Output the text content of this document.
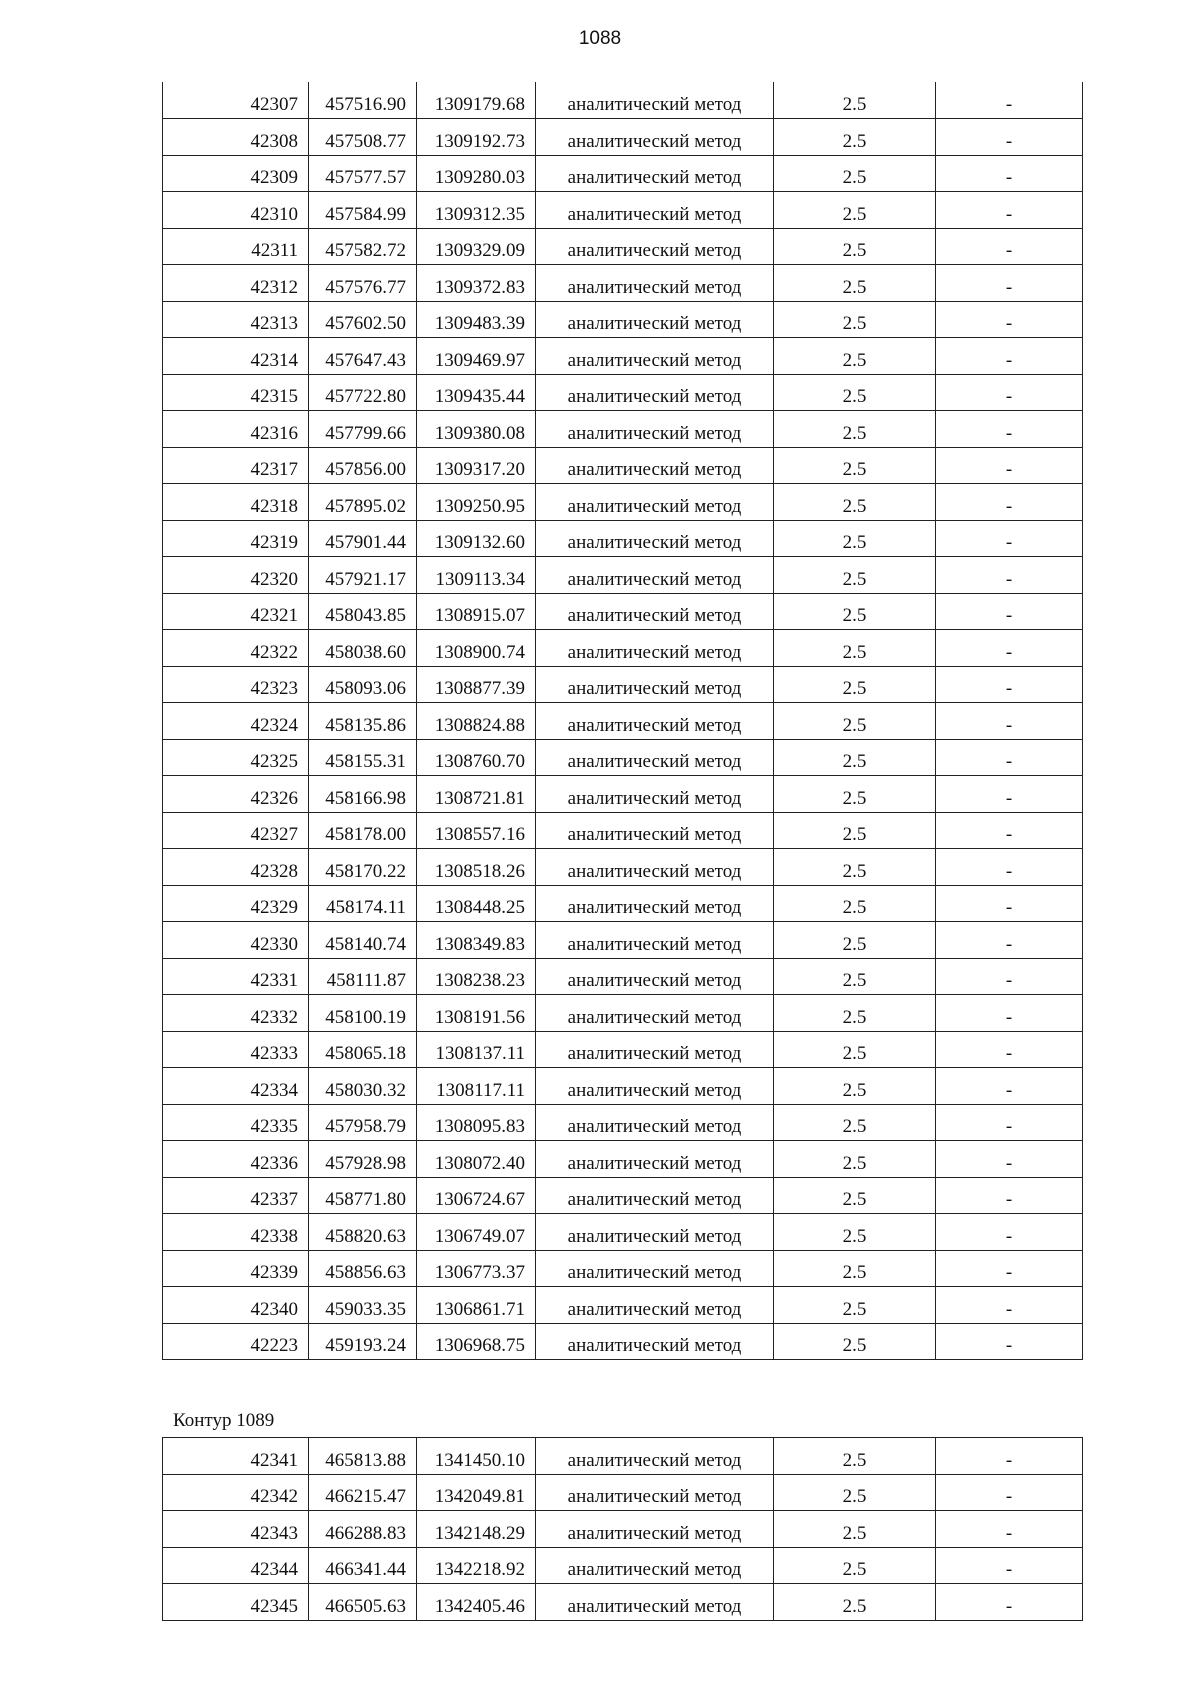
1088
42307	457516.90	1309179.68	аналитический метод	2.5	-
42308	457508.77	1309192.73	аналитический метод	2.5	-
42309	457577.57	1309280.03	аналитический метод	2.5	-
42310	457584.99	1309312.35	аналитический метод	2.5	-
42311	457582.72	1309329.09	аналитический метод	2.5	-
42312	457576.77	1309372.83	аналитический метод	2.5	-
42313	457602.50	1309483.39	аналитический метод	2.5	-
42314	457647.43	1309469.97	аналитический метод	2.5	-
42315	457722.80	1309435.44	аналитический метод	2.5	-
42316	457799.66	1309380.08	аналитический метод	2.5	-
42317	457856.00	1309317.20	аналитический метод	2.5	-
42318	457895.02	1309250.95	аналитический метод	2.5	-
42319	457901.44	1309132.60	аналитический метод	2.5	-
42320	457921.17	1309113.34	аналитический метод	2.5	-
42321	458043.85	1308915.07	аналитический метод	2.5	-
42322	458038.60	1308900.74	аналитический метод	2.5	-
42323	458093.06	1308877.39	аналитический метод	2.5	-
42324	458135.86	1308824.88	аналитический метод	2.5	-
42325	458155.31	1308760.70	аналитический метод	2.5	-
42326	458166.98	1308721.81	аналитический метод	2.5	-
42327	458178.00	1308557.16	аналитический метод	2.5	-
42328	458170.22	1308518.26	аналитический метод	2.5	-
42329	458174.11	1308448.25	аналитический метод	2.5	-
42330	458140.74	1308349.83	аналитический метод	2.5	-
42331	458111.87	1308238.23	аналитический метод	2.5	-
42332	458100.19	1308191.56	аналитический метод	2.5	-
42333	458065.18	1308137.11	аналитический метод	2.5	-
42334	458030.32	1308117.11	аналитический метод	2.5	-
42335	457958.79	1308095.83	аналитический метод	2.5	-
42336	457928.98	1308072.40	аналитический метод	2.5	-
42337	458771.80	1306724.67	аналитический метод	2.5	-
42338	458820.63	1306749.07	аналитический метод	2.5	-
42339	458856.63	1306773.37	аналитический метод	2.5	-
42340	459033.35	1306861.71	аналитический метод	2.5	-
42223	459193.24	1306968.75	аналитический метод	2.5	-
Контур 1089
42341	465813.88	1341450.10	аналитический метод	2.5	-
42342	466215.47	1342049.81	аналитический метод	2.5	-
42343	466288.83	1342148.29	аналитический метод	2.5	-
42344	466341.44	1342218.92	аналитический метод	2.5	-
42345	466505.63	1342405.46	аналитический метод	2.5	-
